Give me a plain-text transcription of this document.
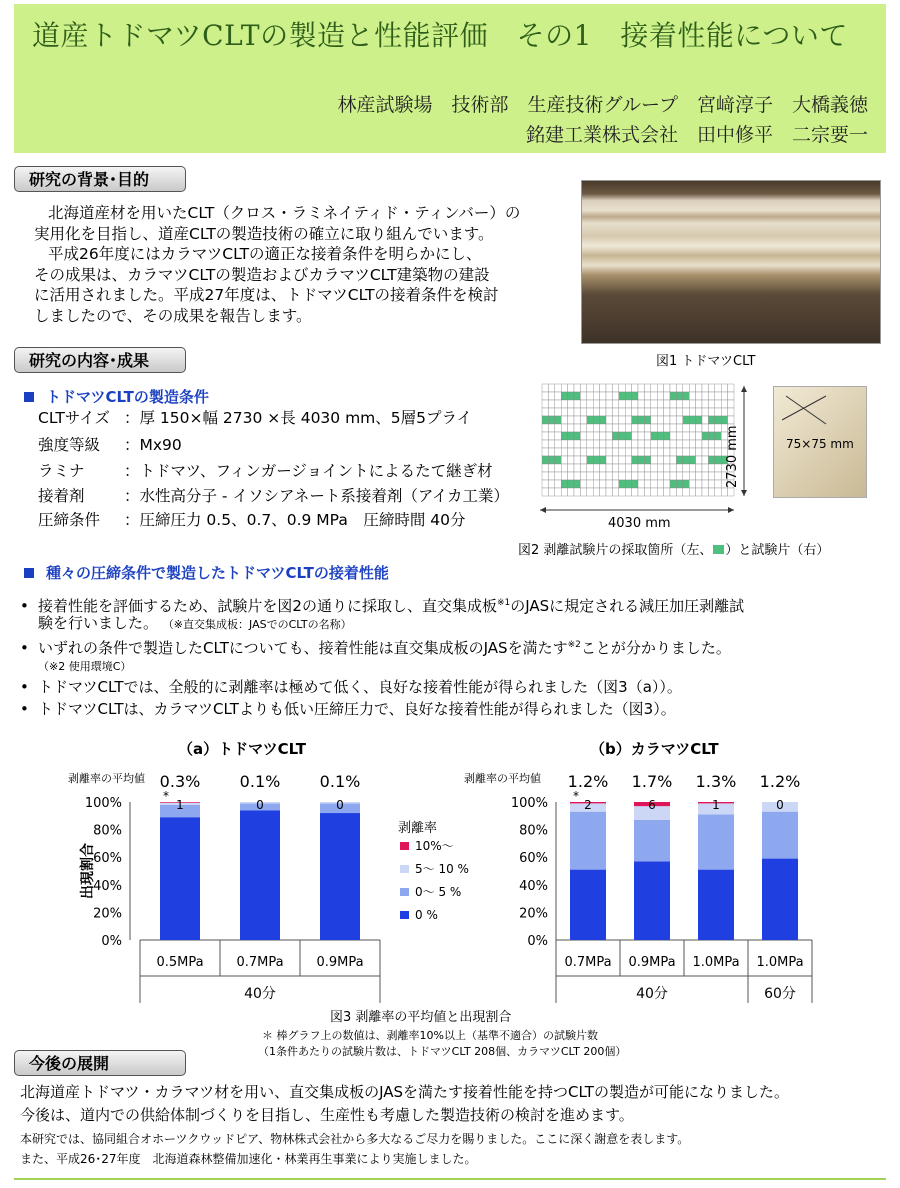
道産トドマツCLTの製造と性能評価　その1　接着性能について
林産試験場　技術部　生産技術グループ　宮﨑淳子　大橋義徳
銘建工業株式会社　田中修平　二宗要一
研究の背景･目的
北海道産材を用いたCLT（クロス・ラミネイティド・ティンバー）の
実用化を目指し、道産CLTの製造技術の確立に取り組んでいます。
平成26年度にはカラマツCLTの適正な接着条件を明らかにし、
その成果は、カラマツCLTの製造およびカラマツCLT建築物の建設
に活用されました。平成27年度は、トドマツCLTの接着条件を検討
しましたので、その成果を報告します。
図1 トドマツCLT
研究の内容･成果
トドマツCLTの製造条件
CLTサイズ ：厚 150×幅 2730 ×長 4030 mm、5層5プライ
強度等級 ：Mx90
ラミナ	：トドマツ、フィンガージョイントによるたて継ぎ材
接着剤	：水性高分子 - イソシアネート系接着剤（アイカ工業）
圧締条件 ：圧締圧力 0.5、0.7、0.9 MPa　圧締時間 40分	4030 mm
2730 mm	75×75 mm
図2 剥離試験片の採取箇所（左、 ）と試験片（右）
種々の圧締条件で製造したトドマツCLTの接着性能
• 接着性能を評価するため、試験片を図2の通りに採取し、直交集成板$^{※1}$のJASに規定される減圧加圧剥離試
験を行いました。 （※直交集成板：JASでのCLTの名称）
• いずれの条件で製造したCLTについても、接着性能は直交集成板のJASを満たす$^{※2}$ことが分かりました。
（※2 使用環境C）
• トドマツCLTでは、全般的に剥離率は極めて低く、良好な接着性能が得られました（図3（a））。
• トドマツCLTは、カラマツCLTよりも低い圧締圧力で、良好な接着性能が得られました（図3）。
（a）トドマツCLT
剥離率の平均値
0%
20%
40%
60%
80%
100%
0.3%
1
*
0.5MPa
0.1%
0
0.7MPa
0.1%
0
0.9MPa
40分
出現割合
（b）カラマツCLT
剥離率の平均値
0%
20%
40%
60%
80%
100%
1.2%
2
*
0.7MPa
1.7%
6
0.9MPa
1.3%
1
1.0MPa
1.2%
0
1.0MPa
40分	60分
剥離率
10%～
5～ 10 %
0～ 5 %
0 %
図3 剥離率の平均値と出現割合
＊ 棒グラフ上の数値は、剥離率10%以上（基準不適合）の試験片数
（1条件あたりの試験片数は、トドマツCLT 208個、カラマツCLT 200個）
今後の展開
北海道産トドマツ・カラマツ材を用い、直交集成板のJASを満たす接着性能を持つCLTの製造が可能になりました。
今後は、道内での供給体制づくりを目指し、生産性も考慮した製造技術の検討を進めます。
本研究では、協同組合オホーツクウッドピア、物林株式会社から多大なるご尽力を賜りました。ここに深く謝意を表します。
また、平成26･27年度　北海道森林整備加速化・林業再生事業により実施しました。
